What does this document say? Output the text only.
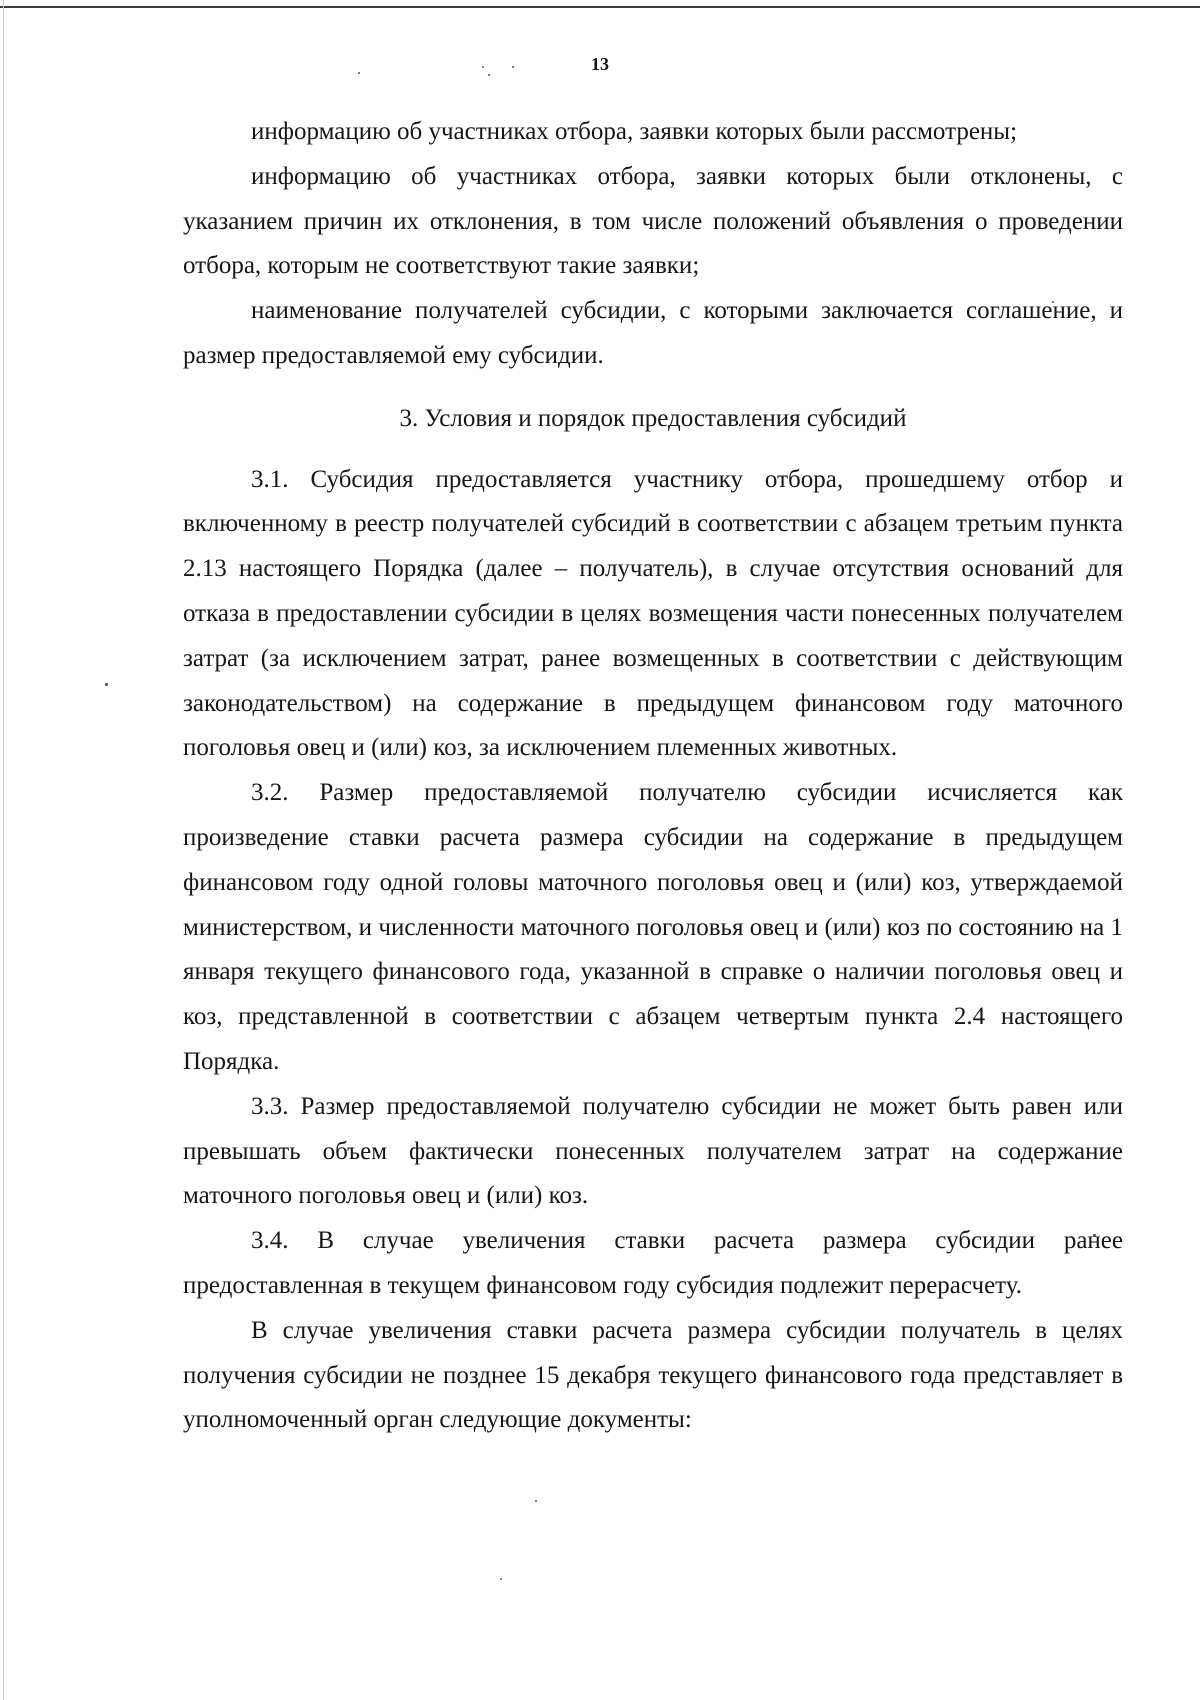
13

информацию об участниках отбора, заявки которых были рассмотрены;

информацию об участниках отбора, заявки которых были отклонены, с указанием причин их отклонения, в том числе положений объявления о проведении отбора, которым не соответствуют такие заявки;

наименование получателей субсидии, с которыми заключается соглашение, и размер предоставляемой ему субсидии.

3. Условия и порядок предоставления субсидий

3.1. Субсидия предоставляется участнику отбора, прошедшему отбор и включенному в реестр получателей субсидий в соответствии с абзацем третьим пункта 2.13 настоящего Порядка (далее – получатель), в случае отсутствия оснований для отказа в предоставлении субсидии в целях возмещения части понесенных получателем затрат (за исключением затрат, ранее возмещенных в соответствии с действующим законодательством) на содержание в предыдущем финансовом году маточного поголовья овец и (или) коз, за исключением племенных животных.

3.2. Размер предоставляемой получателю субсидии исчисляется как произведение ставки расчета размера субсидии на содержание в предыдущем финансовом году одной головы маточного поголовья овец и (или) коз, утверждаемой министерством, и численности маточного поголовья овец и (или) коз по состоянию на 1 января текущего финансового года, указанной в справке о наличии поголовья овец и коз, представленной в соответствии с абзацем четвертым пункта 2.4 настоящего Порядка.

3.3. Размер предоставляемой получателю субсидии не может быть равен или превышать объем фактически понесенных получателем затрат на содержание маточного поголовья овец и (или) коз.

3.4. В случае увеличения ставки расчета размера субсидии ранее предоставленная в текущем финансовом году субсидия подлежит перерасчету.

В случае увеличения ставки расчета размера субсидии получатель в целях получения субсидии не позднее 15 декабря текущего финансового года представляет в уполномоченный орган следующие документы:
